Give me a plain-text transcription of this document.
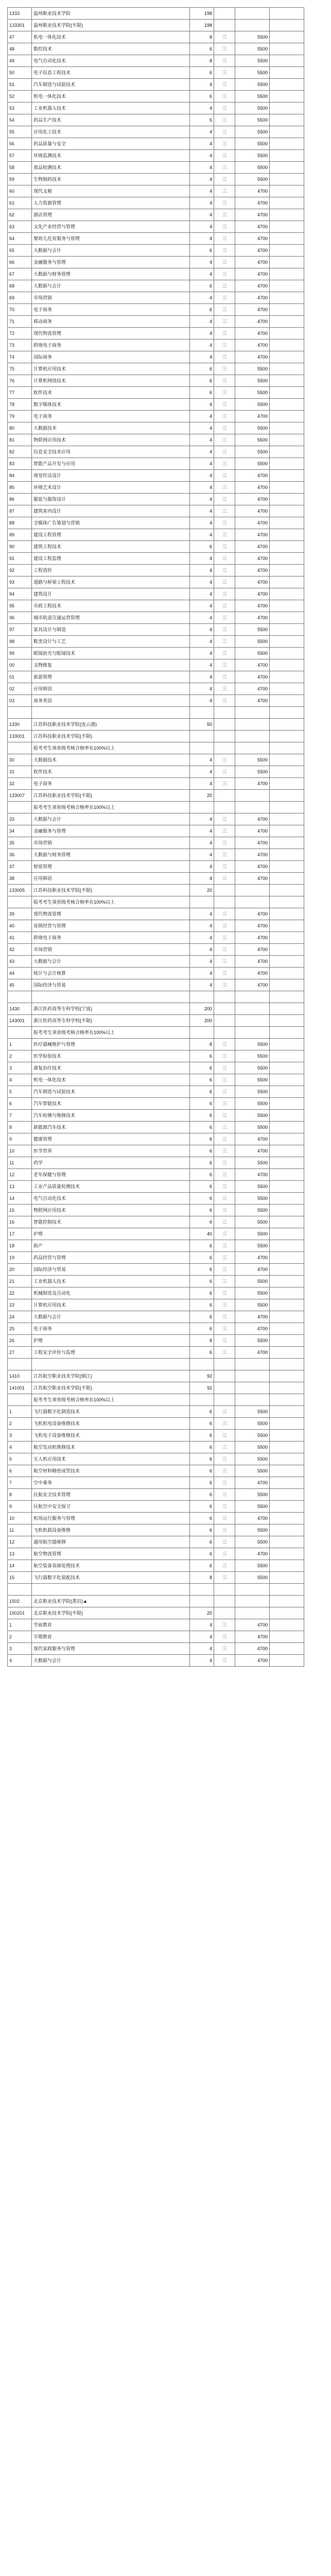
1333	温州职业技术学院	198			
133301	温州职业技术学院(不限)	198			
47	机电一体化技术	8	三	5500	
48	数控技术	6	三	5500	
49	电气自动化技术	8	三	5500	
50	电子信息工程技术	6	三	5500	
51	汽车制造与试验技术	4	三	5500	
52	机电一体化技术	6	三	5500	
53	工业机器人技术	4	三	5500	
54	药品生产技术	5	三	5500	
55	应用化工技术	4	三	5500	
56	药品质量与安全	4	三	5500	
57	环境监测技术	4	三	5500	
58	食品检测技术	4	三	5500	
59	生物制药技术	4	三	5500	
60	现代文秘	4	三	4700	
61	人力资源管理	4	三	4700	
62	酒店管理	4	三	4700	
63	文化产业经营与管理	4	三	4700	
64	婴幼儿托育服务与管理	4	三	4700	
65	大数据与会计	6	三	4700	
66	金融服务与管理	4	三	4700	
67	大数据与财务管理	4	三	4700	
68	大数据与会计	6	三	4700	
69	市场营销	4	三	4700	
70	电子商务	6	三	4700	
71	移动商务	4	三	4700	
72	现代物流管理	4	三	4700	
73	跨境电子商务	4	三	4700	
74	国际商务	4	三	4700	
75	计算机应用技术	6	三	5500	
76	计算机网络技术	6	三	5500	
77	软件技术	6	三	5500	
78	数字媒体技术	4	三	5500	
79	电子商务	4	三	4700	
80	大数据技术	4	三	5500	
81	物联网应用技术	4	三	5500	
82	信息安全技术应用	4	三	5500	
83	智能产品开发与应用	4	三	5500	
84	视觉传达设计	4	三	4700	
85	环境艺术设计	4	三	4700	
86	服装与服饰设计	4	三	4700	
87	建筑室内设计	4	三	4700	
88	全媒体广告策划与营销	4	三	4700	
89	建设工程管理	4	三	4700	
90	建筑工程技术	6	三	4700	
91	建设工程监理	4	三	4700	
92	工程造价	4	三	4700	
93	道路与桥梁工程技术	4	三	4700	
94	建筑设计	4	三	4700	
95	市政工程技术	4	三	4700	
96	城市轨道交通运营管理	4	三	4700	
97	家具设计与制造	4	三	5500	
98	鞋类设计与工艺	4	三	5500	
99	眼镜验光与配镜技术	4	三	5500	
00	文物修复	4	三	4700	
01	旅游管理	4	三	4700	
02	应用韩语	4	三	4700	
03	商务英语	4	三	4700	

1330	江苏科技职业技术学院(连云港)	50			
133001	江苏科技职业技术学院(不限)				
	报考考生须省级考核合格率在100%以上				
30	大数据技术	4	三	5500	
31	软件技术	4	三	5500	
32	电子商务	4	三	4700	
133007	江苏科技职业技术学院(不限)	20			
	报考考生须省级考核合格率在100%以上				
33	大数据与会计	4	三	4700	
34	金融服务与管理	4	三	4700	
35	市场营销	4	三	4700	
36	大数据与财务管理	4	三	4700	
37	财富管理	4	三	4700	
38	应用韩语	4	三	4700	
133005	江苏科技职业技术学院(不限)	20			
	报考考生须省级考核合格率在100%以上				
39	现代物流管理	4	三	4700	
40	连锁经营与管理	4	三	4700	
41	跨境电子商务	4	三	4700	
42	市场营销	4	三	4700	
43	大数据与会计	4	三	4700	
44	统计与会计核算	4	三	4700	
45	国际经济与贸易	4	三	4700	

1430	浙江医药高等专科学校(宁波)	200			
143001	浙江医药高等专科学校(不限)	200			
	报考考生须省级考核合格率在100%以上				
1	医疗器械维护与管理	8	三	5500	
2	医学检验技术	6	三	5500	
3	康复治疗技术	6	三	5500	
4	机电一体化技术	6	三	5500	
5	汽车制造与试验技术	6	三	5500	
6	汽车智能技术	6	三	5500	
7	汽车检测与维修技术	6	三	5500	
8	新能源汽车技术	6	三	5500	
9	健康管理	6	三	4700	
10	医学营养	6	三	4700	
11	药学	6	三	5500	
12	老年保健与管理	6	三	4700	
13	工业产品质量检测技术	6	三	5500	
14	电气自动化技术	6	三	5500	
15	物联网应用技术	6	三	5500	
16	智能控制技术	6	三	5500	
17	护理	40	三	5500	
18	助产	6	三	5500	
19	药品经营与管理	6	三	4700	
20	国际经济与贸易	6	三	4700	
21	工业机器人技术	6	三	5500	
22	机械制造及自动化	6	三	5500	
23	计算机应用技术	6	三	5500	
24	大数据与会计	6	三	4700	
25	电子商务	6	三	4700	
26	护理	8	三	5500	
27	工程安全评价与监理	6	三	4700	

1410	江苏航空职业技术学院(镇江)	92			
141001	江苏航空职业技术学院(不限)	92			
	报考考生须省级考核合格率在100%以上				
1	飞行器数字化制造技术	6	三	5500	
2	飞机机电设备维修技术	6	三	5500	
3	飞机电子设备维修技术	6	三	5500	
4	航空发动机维修技术	6	三	5500	
5	无人机应用技术	6	三	5500	
6	航空材料精密成型技术	6	三	5500	
7	空中乘务	6	三	4700	
8	民航安全技术管理	6	三	5500	
9	民航空中安全保卫	6	三	5500	
10	机场运行服务与管理	6	三	4700	
11	飞机机载设备维修	6	三	5500	
12	通用航空器维修	6	三	5500	
13	航空物流管理	6	三	4700	
14	航空装备表面处理技术	6	三	5500	
15	飞行器数字化装配技术	8	三	5500	

1502	北京职业技术学院(黄岩)▲				
150201	北京职业技术学院(不限)	20			
1	学前教育	4	三	4700	
2	早期教育	4	三	4700	
3	现代家政服务与管理	4	三	4700	
4	大数据与会计	4	三	4700	
